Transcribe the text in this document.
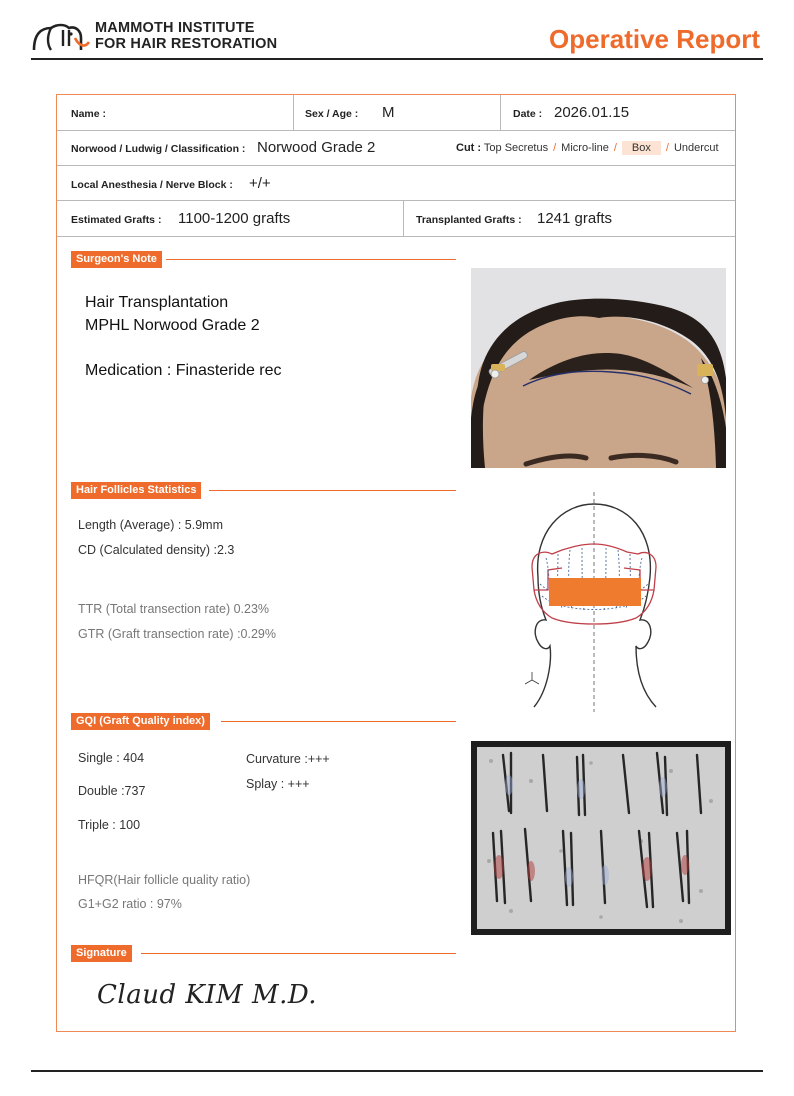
MAMMOTH INSTITUTE
FOR HAIR RESTORATION	Operative Report
Name :	Sex / Age : M	Date : 2026.01.15
Norwood / Ludwig / Classification : Norwood Grade 2	Cut : Top Secretus / Micro-line / Box / Undercut
Local Anesthesia / Nerve Block : +/+
Estimated Grafts : 1100-1200 grafts	Transplanted Grafts : 1241 grafts
Surgeon's Note
Hair Transplantation
MPHL Norwood Grade 2
Medication : Finasteride rec
Hair Follicles Statistics
Length (Average) : 5.9mm
CD (Calculated density) :2.3
TTR (Total transection rate) 0.23%
GTR (Graft transection rate) :0.29%
GQI (Graft Quality index)
Single : 404
Double :737
Triple : 100
Curvature :+++
Splay : +++
HFQR(Hair follicle quality ratio)
G1+G2 ratio : 97%
Signature
Claud KIM M.D.
